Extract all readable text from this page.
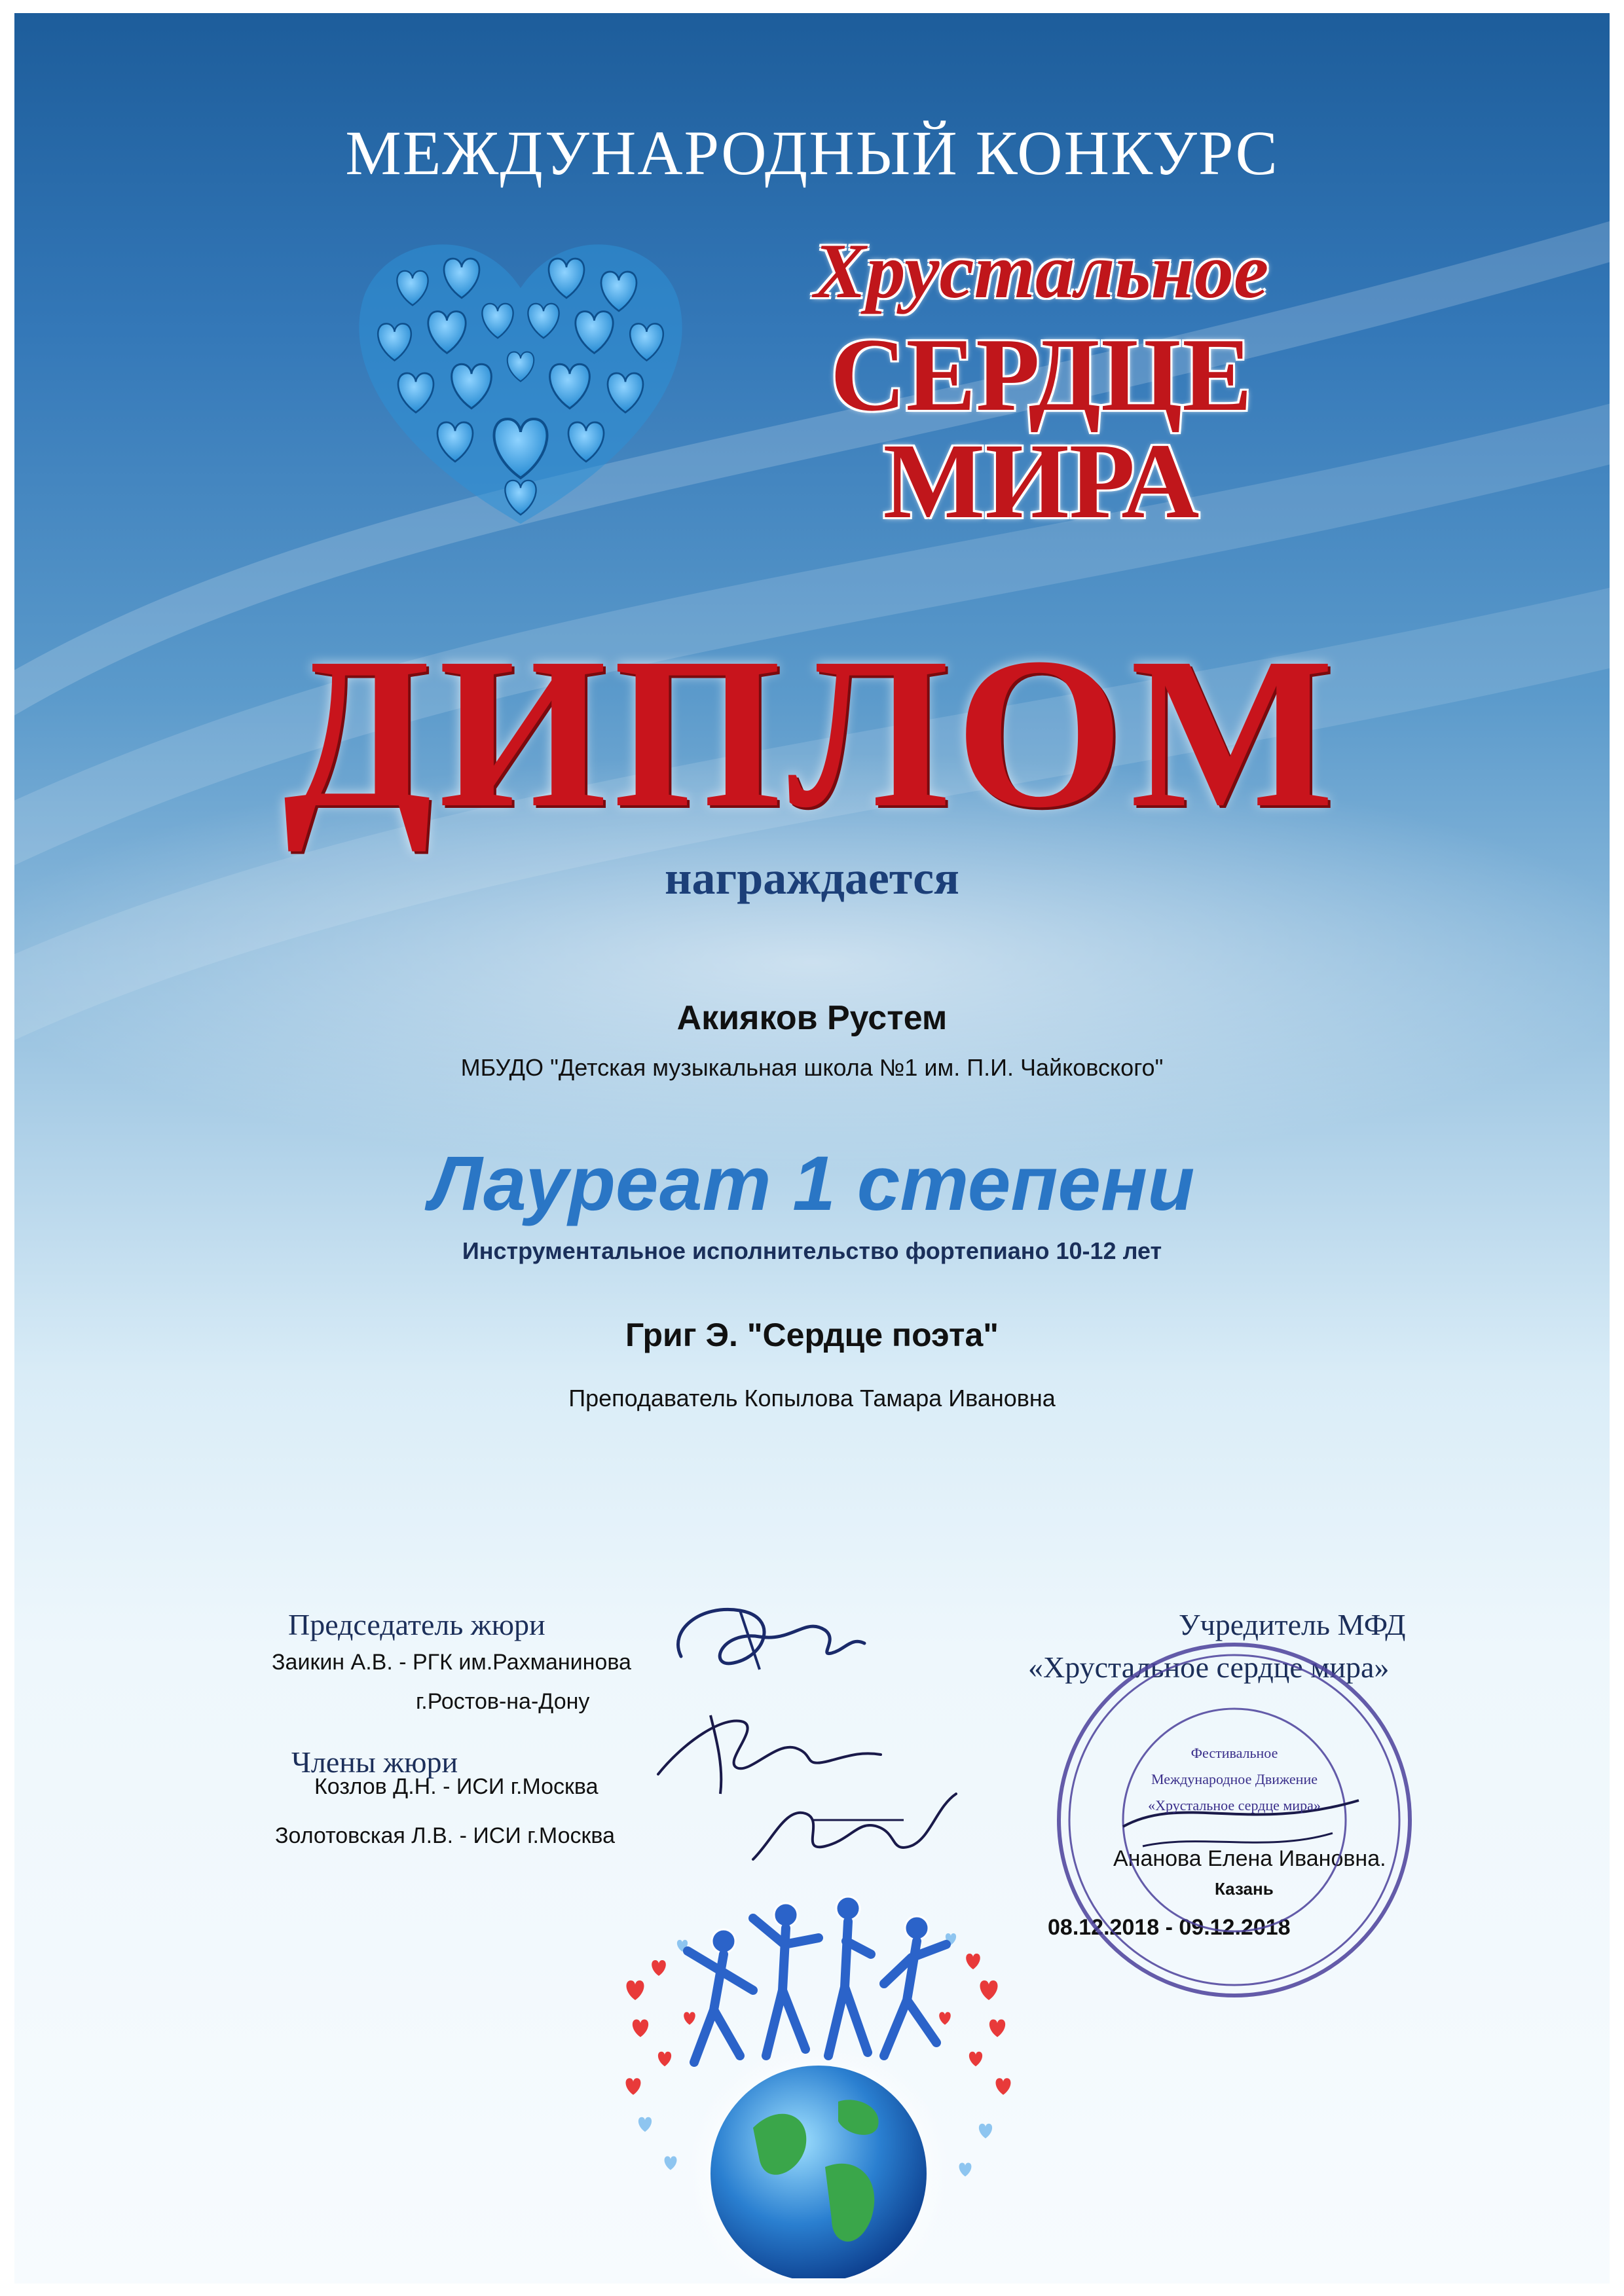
МЕЖДУНАРОДНЫЙ КОНКУРС
Хрустальное
СЕРДЦЕ
МИРА
ДИПЛОМ
награждается
Акияков Рустем
МБУДО "Детская музыкальная школа №1 им. П.И. Чайковского"
Лауреат 1 степени
Инструментальное исполнительство фортепиано 10-12 лет
Григ Э. "Сердце поэта"
Преподаватель Копылова Тамара Ивановна
Председатель жюри
Заикин А.В. - РГК им.Рахманинова
г.Ростов-на-Дону
Члены жюри
Козлов Д.Н. - ИСИ г.Москва
Золотовская Л.В. - ИСИ г.Москва
Учредитель МФД
«Хрустальное сердце мира»
Ананова Елена Ивановна.
Казань
08.12.2018 - 09.12.2018
Фестивальное
Международное Движение
«Хрустальное сердце мира»
